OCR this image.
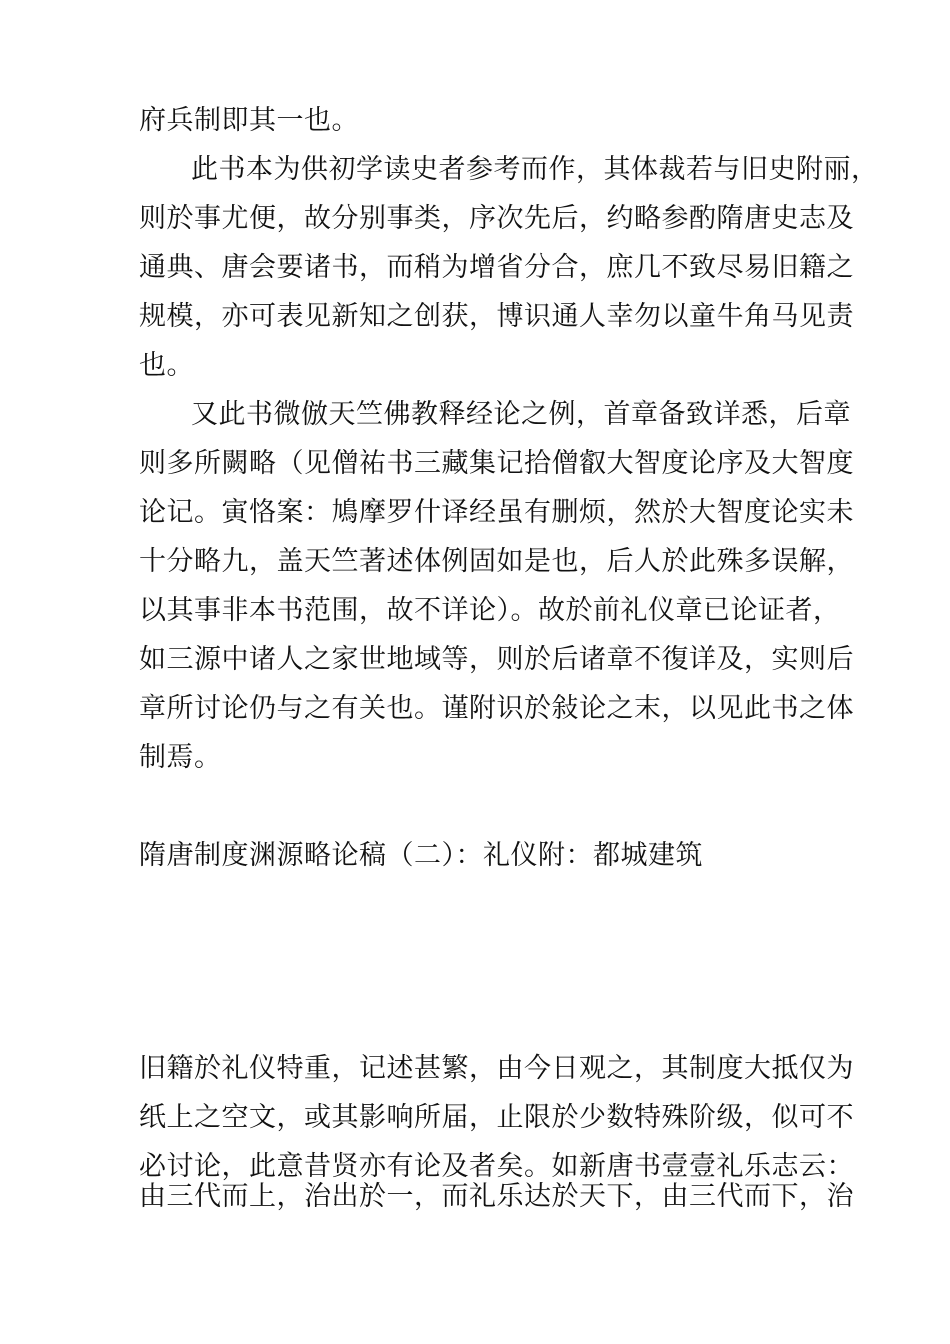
府兵制即其一也。
此书本为供初学读史者参考而作，其体裁若与旧史附丽，
则於事尤便，故分别事类，序次先后，约略参酌隋唐史志及
通典、唐会要诸书，而稍为增省分合，庶几不致尽易旧籍之
规模，亦可表见新知之创获，博识通人幸勿以童牛角马见责
也。
又此书微倣天竺佛教释经论之例，首章备致详悉，后章
则多所闕略（见僧祐书三藏集记拾僧叡大智度论序及大智度
论记。寅恪案：鳩摩罗什译经虽有删烦，然於大智度论实未
十分略九，盖天竺著述体例固如是也，后人於此殊多误解，
以其事非本书范围，故不详论）。故於前礼仪章已论证者，
如三源中诸人之家世地域等，则於后诸章不復详及，实则后
章所讨论仍与之有关也。谨附识於敍论之末，以见此书之体
制焉。
隋唐制度渊源略论稿（二）：礼仪附：都城建筑
旧籍於礼仪特重，记述甚繁，由今日观之，其制度大抵仅为
纸上之空文，或其影响所届，止限於少数特殊阶级，似可不
必讨论，此意昔贤亦有论及者矣。如新唐书壹壹礼乐志云：
由三代而上，治出於一，而礼乐达於天下，由三代而下，治
